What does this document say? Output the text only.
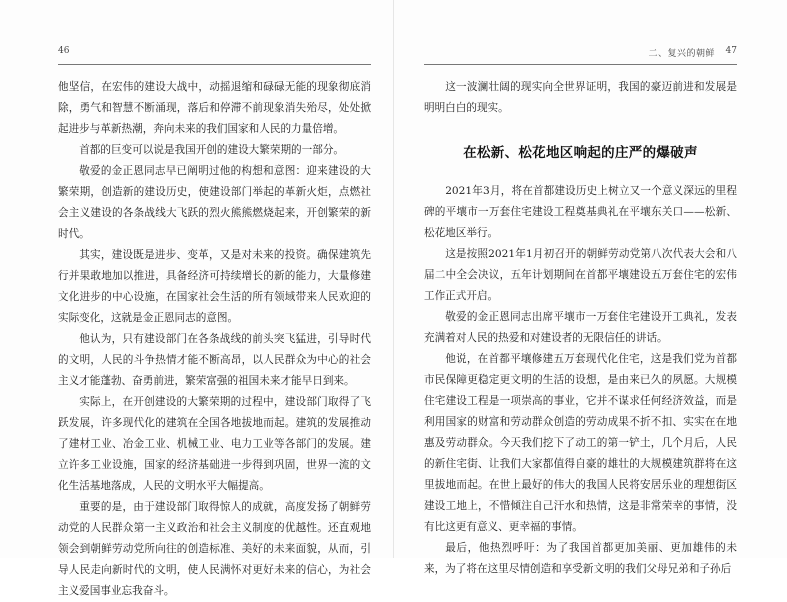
46

他坚信，在宏伟的建设大战中，动摇退缩和碌碌无能的现象彻底消除，勇气和智慧不断涌现，落后和停滞不前现象消失殆尽，处处掀起进步与革新热潮，奔向未来的我们国家和人民的力量倍增。

首都的巨变可以说是我国开创的建设大繁荣期的一部分。

敬爱的金正恩同志早已阐明过他的构想和意图：迎来建设的大繁荣期，创造新的建设历史，使建设部门举起的革新火炬，点燃社会主义建设的各条战线大飞跃的烈火熊熊燃烧起来，开创繁荣的新时代。

其实，建设既是进步、变革，又是对未来的投资。确保建筑先行并果敢地加以推进，具备经济可持续增长的新的能力，大量修建文化进步的中心设施，在国家社会生活的所有领域带来人民欢迎的实际变化，这就是金正恩同志的意图。

他认为，只有建设部门在各条战线的前头突飞猛进，引导时代的文明，人民的斗争热情才能不断高昂，以人民群众为中心的社会主义才能蓬勃、奋勇前进，繁荣富强的祖国未来才能早日到来。

实际上，在开创建设的大繁荣期的过程中，建设部门取得了飞跃发展，许多现代化的建筑在全国各地拔地而起。建筑的发展推动了建材工业、冶金工业、机械工业、电力工业等各部门的发展。建立许多工业设施，国家的经济基础进一步得到巩固，世界一流的文化生活基地落成，人民的文明水平大幅提高。

重要的是，由于建设部门取得惊人的成就，高度发扬了朝鲜劳动党的人民群众第一主义政治和社会主义制度的优越性。还直观地领会到朝鲜劳动党所向往的创造标准、美好的未来面貌，从而，引导人民走向新时代的文明，使人民满怀对更好未来的信心，为社会主义爱国事业忘我奋斗。

二、复兴的朝鲜 47

这一波澜壮阔的现实向全世界证明，我国的豪迈前进和发展是明明白白的现实。

在松新、松花地区响起的庄严的爆破声

2021年3月，将在首都建设历史上树立又一个意义深远的里程碑的平壤市一万套住宅建设工程奠基典礼在平壤东关口——松新、松花地区举行。

这是按照2021年1月初召开的朝鲜劳动党第八次代表大会和八届二中全会决议，五年计划期间在首都平壤建设五万套住宅的宏伟工作正式开启。

敬爱的金正恩同志出席平壤市一万套住宅建设开工典礼，发表充满着对人民的热爱和对建设者的无限信任的讲话。

他说，在首都平壤修建五万套现代化住宅，这是我们党为首都市民保障更稳定更文明的生活的设想，是由来已久的夙愿。大规模住宅建设工程是一项崇高的事业，它并不谋求任何经济效益，而是利用国家的财富和劳动群众创造的劳动成果不折不扣、实实在在地惠及劳动群众。今天我们挖下了动工的第一铲土，几个月后，人民的新住宅街、让我们大家都值得自豪的雄壮的大规模建筑群将在这里拔地而起。在世上最好的伟大的我国人民将安居乐业的理想街区建设工地上，不惜倾注自己汗水和热情，这是非常荣幸的事情，没有比这更有意义、更幸福的事情。

最后，他热烈呼吁：为了我国首都更加美丽、更加雄伟的未来，为了将在这里尽情创造和享受新文明的我们父母兄弟和子孙后
